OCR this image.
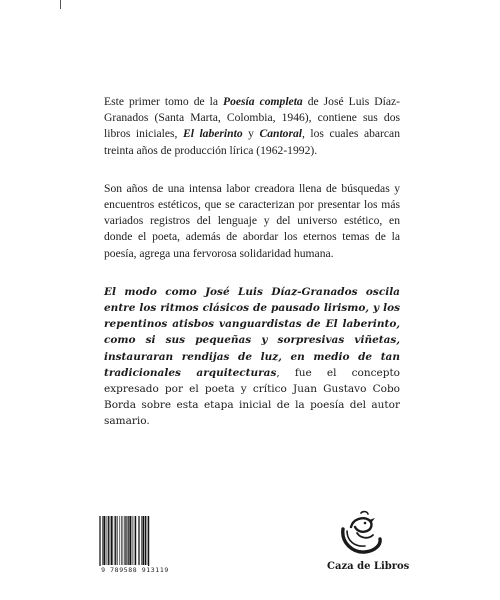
Este primer tomo de la Poesía completa de José Luis Díaz-Granados (Santa Marta, Colombia, 1946), contiene sus dos libros iniciales, El laberinto y Cantoral, los cuales abarcan treinta años de producción lírica (1962-1992).

Son años de una intensa labor creadora llena de búsquedas y encuentros estéticos, que se caracterizan por presentar los más variados registros del lenguaje y del universo estético, en donde el poeta, además de abordar los eternos temas de la poesía, agrega una fervorosa solidaridad humana.

El modo como José Luis Díaz-Granados oscila entre los ritmos clásicos de pausado lirismo, y los repentinos atisbos vanguardistas de El laberinto, como si sus pequeñas y sorpresivas viñetas, instauraran rendijas de luz, en medio de tan tradicionales arquitecturas, fue el concepto expresado por el poeta y crítico Juan Gustavo Cobo Borda sobre esta etapa inicial de la poesía del autor samario.

9 789588 913119	Caza de Libros
